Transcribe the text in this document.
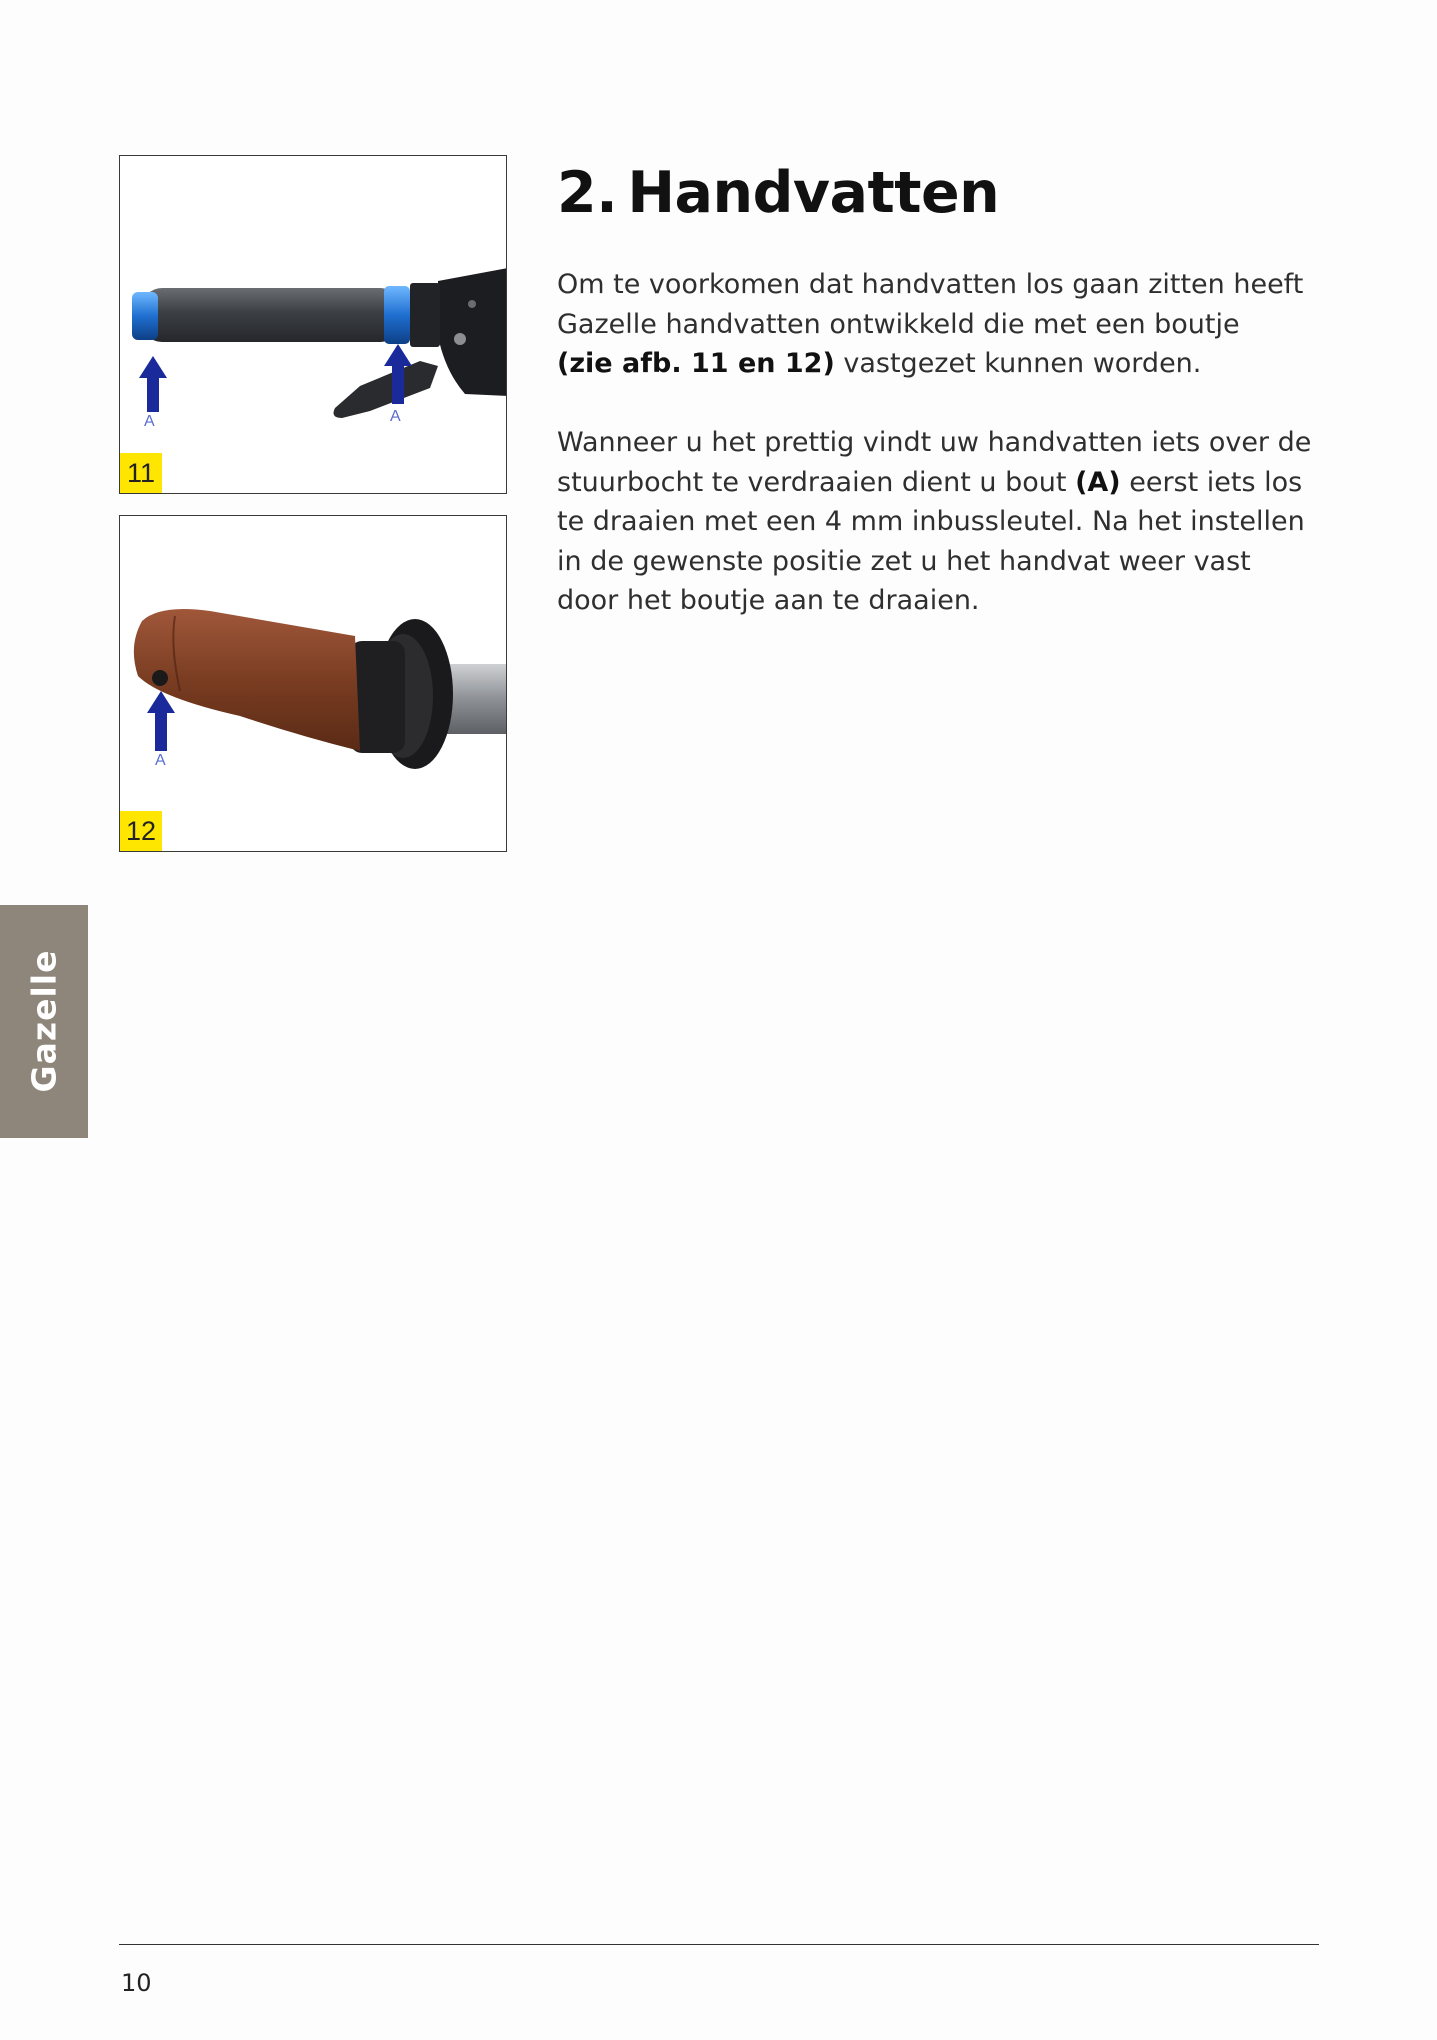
A	A
11
A
12
2. Handvatten

Om te voorkomen dat handvatten los gaan zitten heeft
Gazelle handvatten ontwikkeld die met een boutje
(zie afb. 11 en 12) vastgezet kunnen worden.

Wanneer u het prettig vindt uw handvatten iets over de stuurbocht te verdraaien dient u bout (A) eerst iets los te draaien met een 4 mm inbussleutel. Na het instellen in de gewenste positie zet u het handvat weer vast door het boutje aan te draaien.

Gazelle
10
